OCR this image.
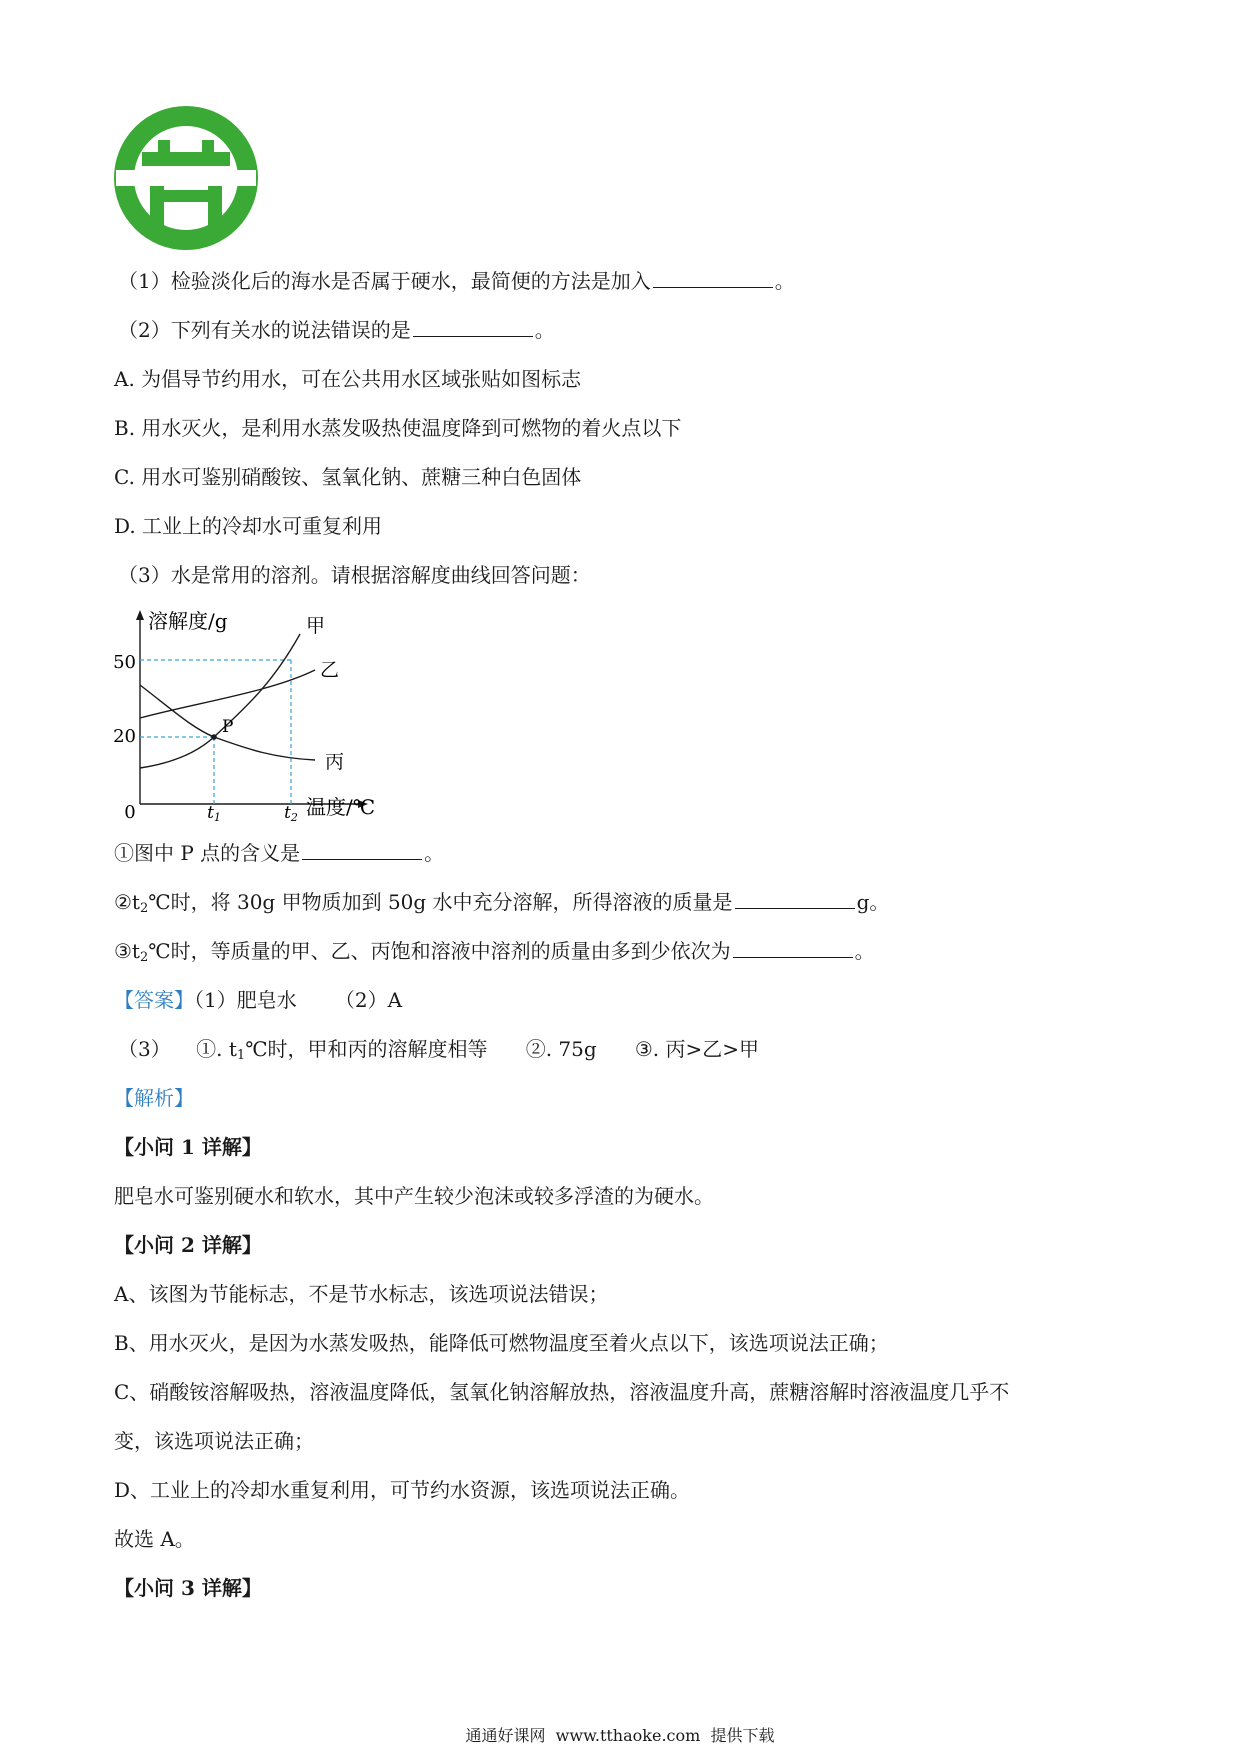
（1）检验淡化后的海水是否属于硬水，最简便的方法是加入	。
（2）下列有关水的说法错误的是	。
A. 为倡导节约用水，可在公共用水区域张贴如图标志
B. 用水灭火，是利用水蒸发吸热使温度降到可燃物的着火点以下
C. 用水可鉴别硝酸铵、氢氧化钠、蔗糖三种白色固体
D. 工业上的冷却水可重复利用
（3）水是常用的溶剂。请根据溶解度曲线回答问题：
溶解度/g
温度/℃
0
50
20
t1	t2
P
甲
乙
丙
①图中 P 点的含义是	。
$②t_2℃$时，将 30g 甲物质加到 50g 水中充分溶解，所得溶液的质量是	g。
$③t_2℃$时，等质量的甲、乙、丙饱和溶液中溶剂的质量由多到少依次为	。
【答案】（1）肥皂水      （2）A
（3）    ①. $t_1℃$时，甲和丙的溶解度相等      ②. 75g      ③. 丙>乙>甲
【解析】
【小问 1 详解】
肥皂水可鉴别硬水和软水，其中产生较少泡沫或较多浮渣的为硬水。
【小问 2 详解】
A、该图为节能标志，不是节水标志，该选项说法错误；
B、用水灭火，是因为水蒸发吸热，能降低可燃物温度至着火点以下，该选项说法正确；
C、硝酸铵溶解吸热，溶液温度降低，氢氧化钠溶解放热，溶液温度升高，蔗糖溶解时溶液温度几乎不
变，该选项说法正确；
D、工业上的冷却水重复利用，可节约水资源，该选项说法正确。
故选 A。
【小问 3 详解】
通通好课网  www.tthaoke.com  提供下载
